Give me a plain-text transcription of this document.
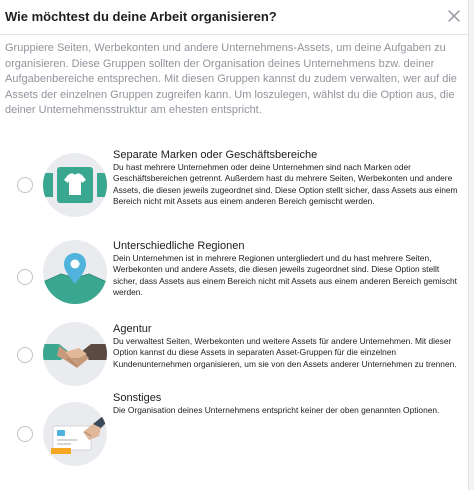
Wie möchtest du deine Arbeit organisieren?
Gruppiere Seiten, Werbekonten und andere Unternehmens-Assets, um deine Aufgaben zu organisieren. Diese Gruppen sollten der Organisation deines Unternehmens bzw. deiner Aufgabenbereiche entsprechen. Mit diesen Gruppen kannst du zudem verwalten, wer auf die Assets der einzelnen Gruppen zugreifen kann. Um loszulegen, wählst du die Option aus, die deiner Unternehmensstruktur am ehesten entspricht.
Separate Marken oder Geschäftsbereiche
Du hast mehrere Unternehmen oder deine Unternehmen sind nach Marken oder Geschäftsbereichen getrennt. Außerdem hast du mehrere Seiten, Werbekonten und andere Assets, die diesen jeweils zugeordnet sind. Diese Option stellt sicher, dass Assets aus einem Bereich nicht mit Assets aus einem anderen Bereich gemischt werden.
Unterschiedliche Regionen
Dein Unternehmen ist in mehrere Regionen untergliedert und du hast mehrere Seiten, Werbekonten und andere Assets, die diesen jeweils zugeordnet sind. Diese Option stellt sicher, dass Assets aus einem Bereich nicht mit Assets aus einem anderen Bereich gemischt werden.
Agentur
Du verwaltest Seiten, Werbekonten und weitere Assets für andere Unternehmen. Mit dieser Option kannst du diese Assets in separaten Asset-Gruppen für die einzelnen Kundenunternehmen organisieren, um sie von den Assets anderer Unternehmen zu trennen.
Sonstiges
Die Organisation deines Unternehmens entspricht keiner der oben genannten Optionen.
